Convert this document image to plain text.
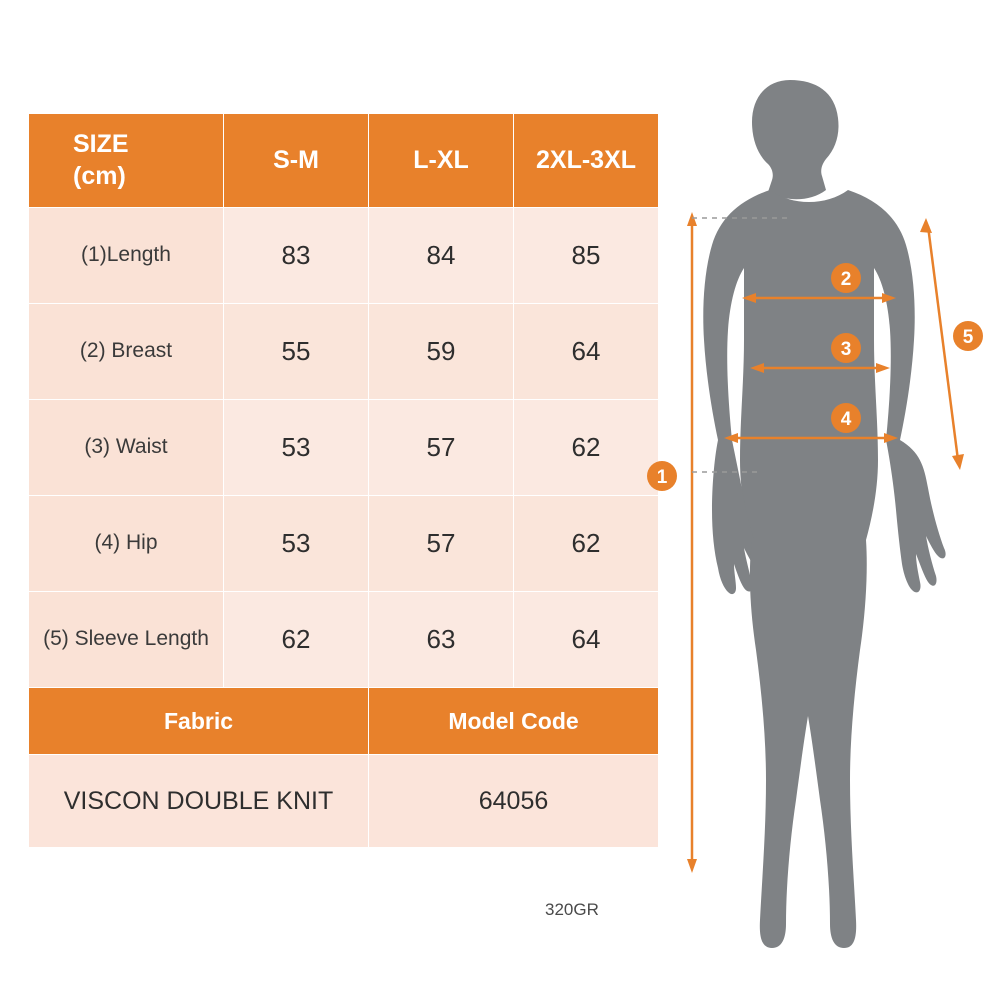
SIZE
(cm)	S-M	L-XL	2XL-3XL
(1)Length	83	84	85
(2) Breast	55	59	64
(3) Waist	53	57	62
(4) Hip	53	57	62
(5) Sleeve Length	62	63	64
Fabric		Model Code	
VISCON DOUBLE KNIT		64056	
320GR
1
2
3
4
5
